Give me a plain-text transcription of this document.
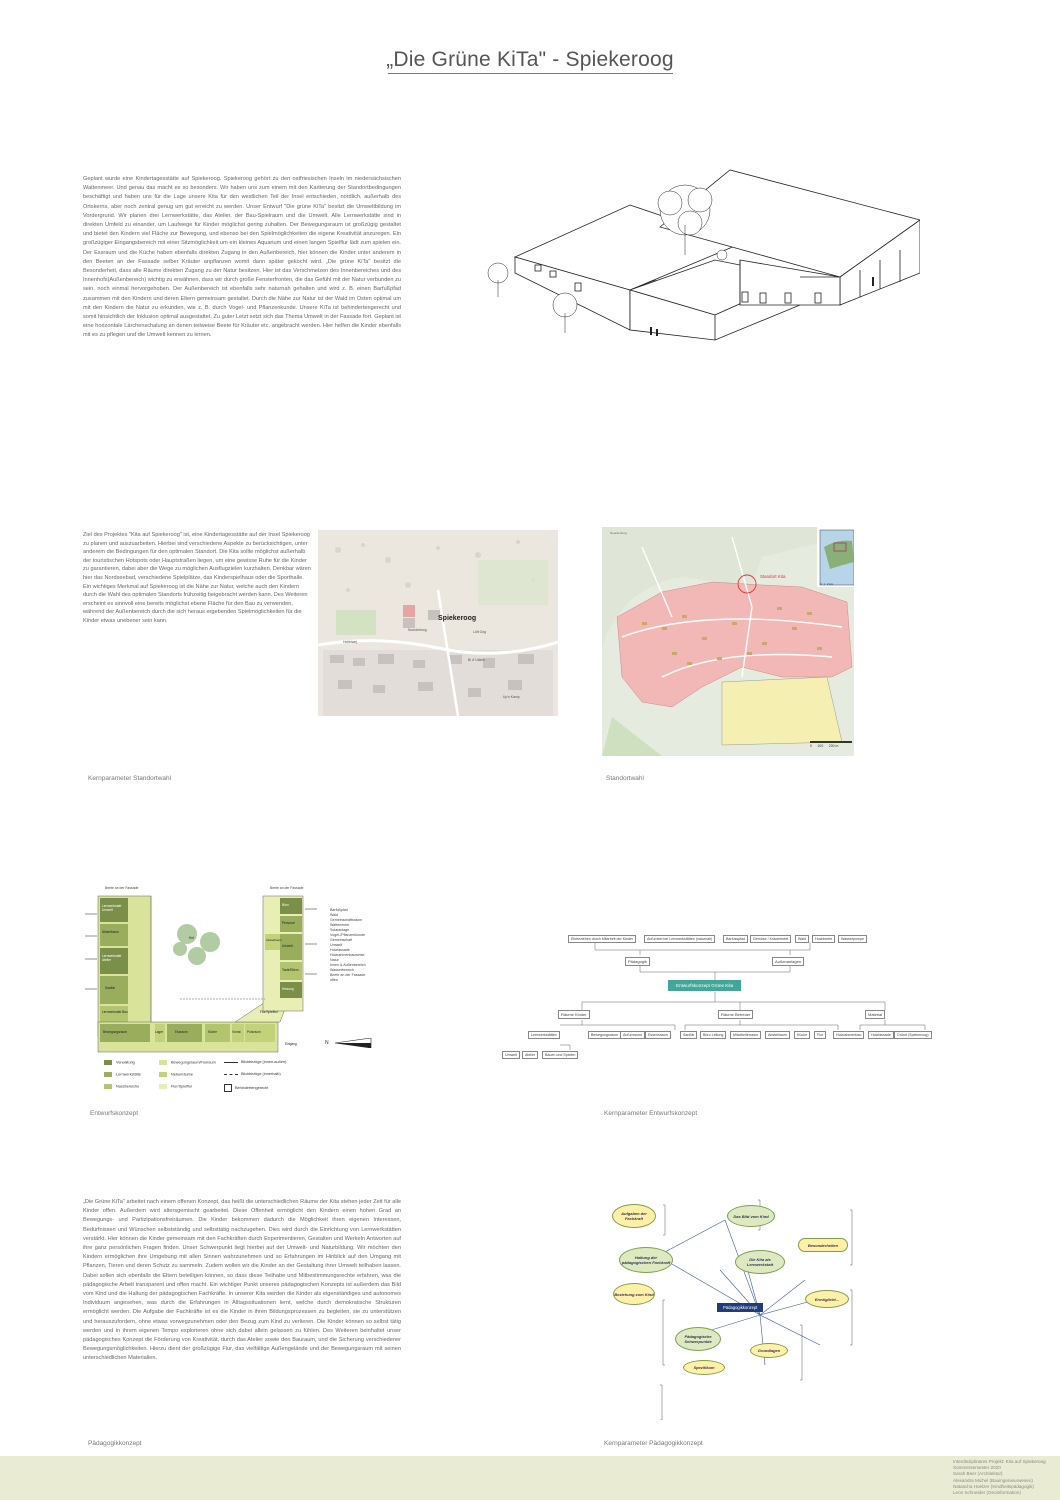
„Die Grüne KiTa" - Spiekeroog
Geplant wurde eine Kindertagesstätte auf Spiekeroog. Spiekeroog gehört zu den ostfriesischen Inseln im niedersächsischen Wattenmeer. Und genau das macht es so besonders. Wir haben uns zum einem mit den Kartierung der Standortbedingungen beschäftigt und haben uns für die Lage unsere Kita für den westlichen Teil der Insel entschieden, nordlich, außerhalb des Ortskerns, aber noch zentral genug um gut erreicht zu werden. Unser Entwurf "Die grüne KiTa" besitzt die Umweltbildung im Vordergrund. Wir planen drei Lernwerkstätte, das Atelier, der Bau-Spielraum und die Umwelt. Alle Lernwerkstätte sind in direkten Umfeld zu einander, um Laufwege für Kinder möglichst gering zuhalten. Der Bewegungsraum ist großzügig gestaltet und bietet den Kindern viel Fläche zur Bewegung, und ebenso bei den Spielmöglichkeiten die eigene Kreativität anzuregen. Ein großzügiger Eingangsbereich mit einer Sitzmöglichkeit um ein kleines Aquarium und einen langen Spielflur lädt zum spielen ein. Der Essraum und die Küche haben ebenfalls direkten Zugang in den Außenbereich, hier können die Kinder unter anderem in den Beeten an der Fassade selber Kräuter anpflanzen womit dann später gekocht wird. „Die grüne KiTa" besitzt die Besonderheit, dass alle Räume direkten Zugang zu der Natur besitzen. Hier ist das Verschmelzen des Innenbereiches und des Innenhofs(Außenbereich) wichtig zu erwähnen, dass wir durch große Fensterfronten, die das Gefühl mit der Natur verbunden zu sein, noch einmal hervorgehoben. Der Außenbereich ist ebenfalls sehr naturnah gehalten und wird z. B. einen Barfußpfad zusammen mit den Kindern und deren Eltern gemeinsam gestaltet. Durch die Nähe zur Natur ist der Wald im Osten optimal um mit den Kindern die Natur zu erkunden, wie z. B. durch Vogel- und Pflanzenkunde. Unsere KiTa ist behindertengerecht und somit hinsichtlich der Inklusion optimal ausgestattet. Zu guter Letzt setzt sich das Thema Umwelt in der Fassade fort. Geplant ist eine horizontale Lärchenschalung an denen teilweise Beete für Kräuter etc. angebracht werden. Hier helfen die Kinder ebenfalls mit es zu pflegen und die Umwelt kennen zu lernen.
Ziel des Projektes "Kita auf Spiekeroog" ist, eine Kindertagesstätte auf der Insel Spiekeroog zu planen und auszuarbeiten. Hierbei sind verschiedene Aspekte zu berücksichtigen, unter anderem die Bedingungen für den optimalen Standort. Die Kita sollte möglichst außerhalb der touristischen Hotspots oder Hauptstraßen liegen, um eine gewisse Ruhe für die Kinder zu garantieren, dabei aber die Wege zu möglichen Ausflugzielen kurzhalten. Denkbar wären hier das Nordseebad, verschiedene Spielplätze, das Kinderspielhaus oder die Sporthalle. Ein wichtiges Merkmal auf Spiekeroog ist die Nähe zur Natur, welche auch den Kindern durch die Wahl des optimalen Standorts frühzeitig beigebracht werden kann. Des Weiteren erscheint es sinnvoll eine bereits möglichst ebene Fläche für den Bau zu verwenden, während der Außenbereich durch die sich heraus ergebenden Spielmöglichkeiten für die Kinder etwas unebener sein kann.	Spiekeroog
Noorderloog
Bi d' Utkiek
Lütt Oog
Hellerwej
Up'n Kamp
Standort Kita
0 1 2 km
Noorderloog
0 100 200 m
Kernparameter Standortwahl	Standortwahl
Beete an der Fassade	Beete an der Fassade
Lernwerkstatt Umwelt
Abstellraum
Lernwerkstatt Atelier
Sanitär
Lernwerkstatt Bau
Bewegungsraum	Lager	Essraum	Küche	Vorrat Putzraum
Büro
Personal
Umwelt
Tackt/Eltern
Flur/Spielflur
Heizung
Abstellraum
Eingang
Hof
Barfußpfad
Wald
Gemeinschaftsraum
Wattenmeer
Solaranlage
Vogel-/Pflanzenkunde
Gemeinschaft
Umwelt
Holzfassade
Holzrahmenbauweise
Natur
Innen & Außenbereich
Wasserbereich
Beete an der Fassade
offen
N
Verwaltung
Lernwerkstätte
Nassbereiche
Bewegungsraum/Flurraum
Nebenräume
Flur/Spielflur
Blickbezüge (innen-außen)
Blickbezüge (innerhalb)
Behindertengerecht
Entwurfskonzept
Einbeziehen durch Mitarbeit der Kinder	Außenbei bei Lernwerkstätten (naturnah)	Barfusspfad	Gemüse / Kräuterbeet	Wald	Hochbeete	Wasserpumpe
Pädagogik	Außenanlagen
Entwurfskonzept Grüne Kita
Räume Kinder	Räume Betreuer	Material
Lernwerkstätten	Bewegungsraum	Außenraum	Essensraum
Umwelt	Atelier	Bauen und Spielen
Sanitär	Büro Leitung	Mitarbeiterraum	Abstellraum	Küche	Flur	Holzrahmenbau	Holzfassade	Gründ (Spiekeroog)
Kernparameter Entwurfskonzept
„Die Grüne KiTa" arbeitet nach einem offenen Konzept, das heißt die unterschiedlichen Räume der Kita stehen jeder Zeit für alle Kinder offen. Außerdem wird altersgemischt gearbeitet. Diese Offenheit ermöglicht den Kindern einen hohen Grad an Bewegungs- und Partizipationsfreiräumen. Die Kinder bekommen dadurch die Möglichkeit ihren eigenen Interessen, Bedürfnissen und Wünschen selbstständig und selbsttätig nachzugehen. Dies wird durch die Einrichtung von Lernwerkstätten verstärkt. Hier können die Kinder gemeinsam mit den Fachkräften durch Experimentieren, Gestalten und Werkeln Antworten auf ihre ganz persönlichen Fragen finden. Unser Schwerpunkt liegt hierbei auf der Umwelt- und Naturbildung. Wir möchten den Kindern ermöglichen ihre Umgebung mit allen Sinnen wahrzunehmen und so Erfahrungen im Hinblick auf den Umgang mit Pflanzen, Tieren und deren Schutz zu sammeln. Zudem wollen wir die Kinder an der Gestaltung ihrer Umwelt teilhaben lassen. Dabei sollen sich ebenfalls die Eltern beteiligen können, so dass diese Teilhabe und Mitbestimmungsrechte erfahren, was die pädagogische Arbeit transparent und offen macht. Ein wichtiger Punkt unseres pädagogischen Konzepts ist außerdem das Bild vom Kind und die Haltung der pädagogischen Fachkräfte. In unserer Kita werden die Kinder als eigenständiges und autonomes Individuum angesehen, was durch die Erfahrungen in Alltagssituationen lernt, welche durch demokratische Strukturen ermöglicht werden. Die Aufgabe der Fachkräfte ist es die Kinder in ihren Bildungsprozessen zu begleiten, sie zu unterstützen und herauszufordern, ohne etwas vorwegzunehmen oder den Bezug zum Kind zu verlieren. Die Kinder können so selbst tätig werden und in ihrem eigenen Tempo explorieren ohne sich dabei allein gelassen zu fühlen. Des Weiteren beinhaltet unser pädagogisches Konzept die Förderung von Kreativität, durch das Atelier sowie den Bauraum, und die Sicherung verschiedener Bewegungsmöglichkeiten. Hierzu dient der großzügige Flur, das vielfältige Außengelände und der Bewegungsraum mit seinen unterschiedlichen Materialien.
Aufgaben der Fachkraft	Das Bild vom Kind
Haltung der pädagogischen Fachkraft
Die Kita als Lernwerkstatt
Besonderheiten
Beziehung zum Kind
Ermöglicht...
Pädagogische Schwerpunkte
Grundlagen
Spezifikum
Pädagogikkonzept
Pädagogikkonzept	Kernparameter Pädagogikkonzept
Interdisziplinäres Projekt: Kita auf Spiekeroog
Sommersemester 2020
Sarah Beer (Architektur)
Alexandra Michel (Bauingenieurwesen)
Natascha Hoelzer (Kindheitspädagogik)
Leon Schneider (Geoinformation)
